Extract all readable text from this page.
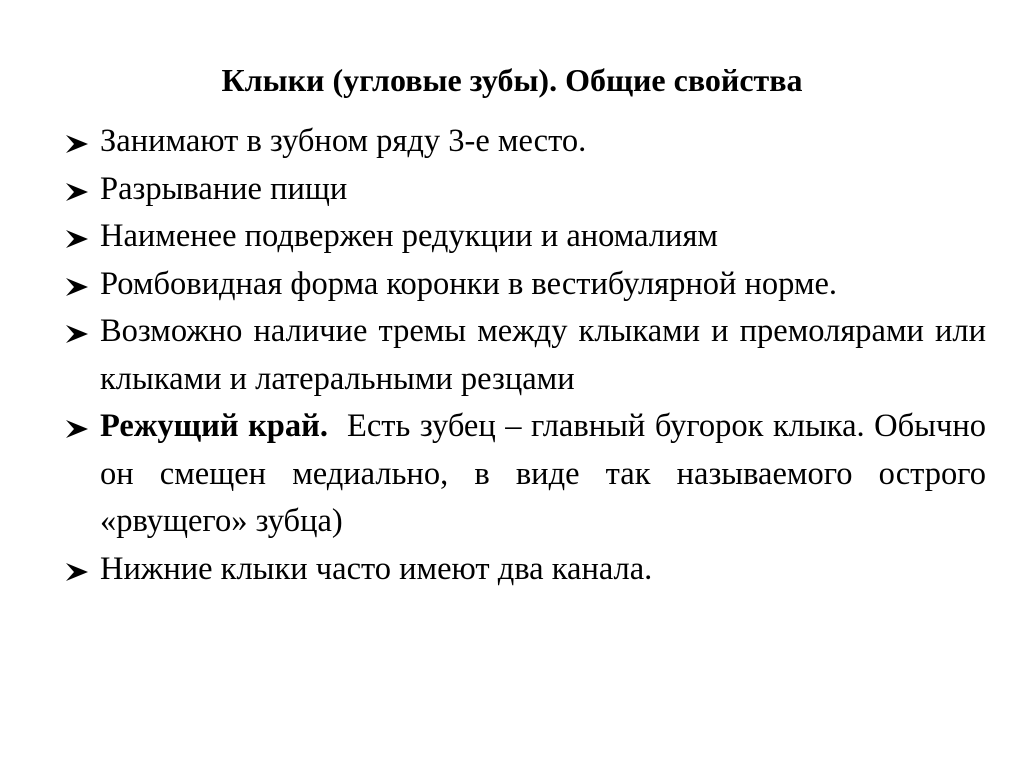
Клыки (угловые зубы). Общие свойства
Занимают в зубном ряду 3-е место.
Разрывание пищи
Наименее подвержен редукции и аномалиям
Ромбовидная форма коронки в вестибулярной норме.
Возможно наличие тремы между клыками и премолярами или клыками и латеральными резцами
Режущий край.  Есть зубец – главный бугорок клыка. Обычно он смещен медиально, в виде так называемого острого «рвущего» зубца)
Нижние клыки часто имеют два канала.
